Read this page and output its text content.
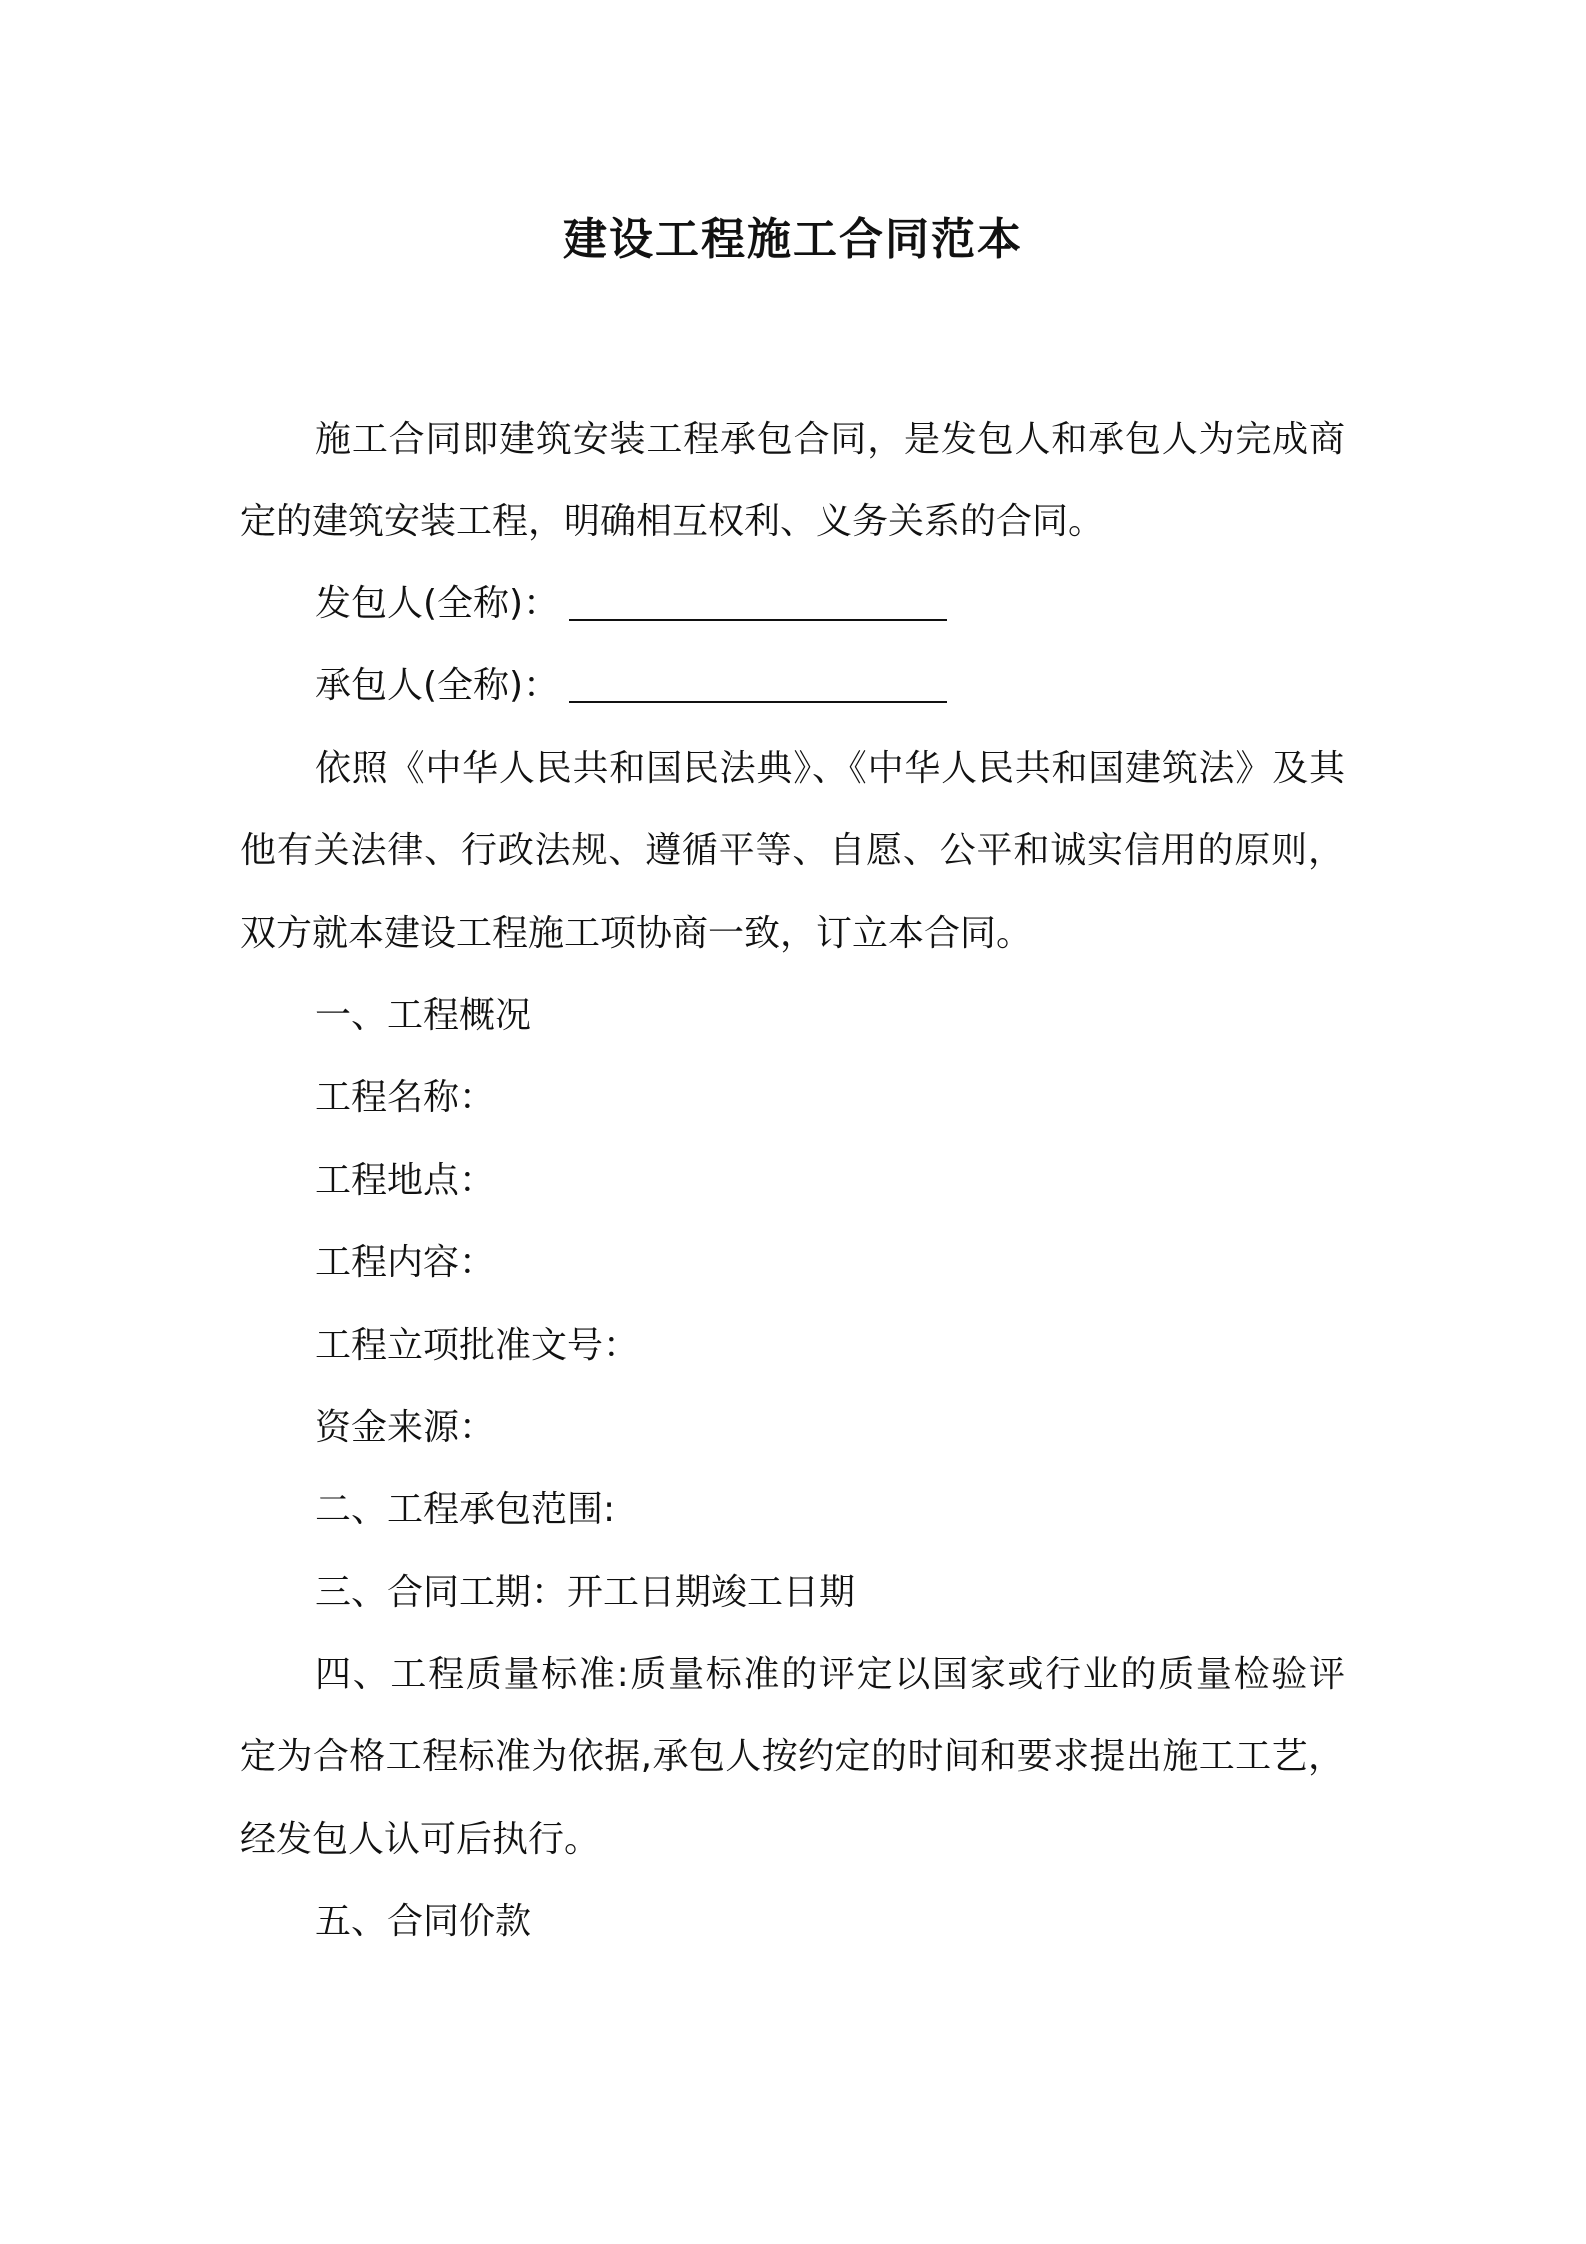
建设工程施工合同范本
施工合同即建筑安装工程承包合同，是发包人和承包人为完成商
定的建筑安装工程，明确相互权利、义务关系的合同。
发包人(全称)：
承包人(全称)：
依照《中华人民共和国民法典》、《中华人民共和国建筑法》及其
他有关法律、行政法规、遵循平等、自愿、公平和诚实信用的原则，
双方就本建设工程施工项协商一致，订立本合同。
一、工程概况
工程名称：
工程地点：
工程内容：
工程立项批准文号：
资金来源：
二、工程承包范围:
三、合同工期：开工日期竣工日期
四、工程质量标准:质量标准的评定以国家或行业的质量检验评
定为合格工程标准为依据,承包人按约定的时间和要求提出施工工艺，
经发包人认可后执行。
五、合同价款
